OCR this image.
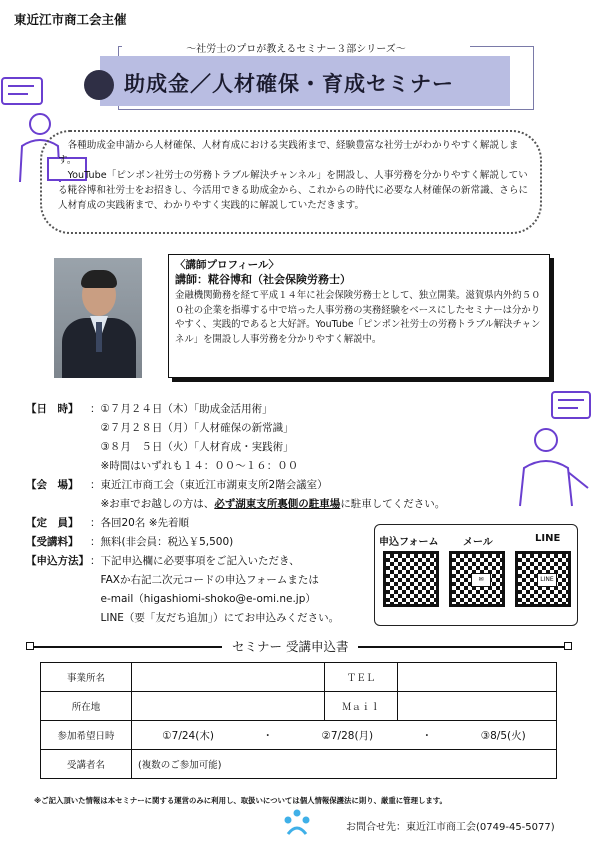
東近江市商工会主催
〜社労士のプロが教えるセミナー３部シリーズ〜
助成金／人材確保・育成セミナー
各種助成金申請から人材確保、人材育成における実践術まで、経験豊富な社労士がわかりやすく解説します。
YouTube「ピンポン社労士の労務トラブル解決チャンネル」を開設し、人事労務を分かりやすく解説している糀谷博和社労士をお招きし、今活用できる助成金から、これからの時代に必要な人材確保の新常識、さらに人材育成の実践術まで、わかりやすく実践的に解説していただきます。
〈講師プロフィール〉
講師：糀谷博和（社会保険労務士）
金融機関勤務を経て平成１４年に社会保険労務士として、独立開業。滋賀県内外約５００社の企業を指導する中で培った人事労務の実務経験をベースにしたセミナーは分かりやすく、実践的であると大好評。YouTube「ピンポン社労士の労務トラブル解決チャンネル」を開設し人事労務を分かりやすく解説中。
【日　時】	：①７月２４日（木）「助成金活用術」
　②７月２８日（月）「人材確保の新常識」
　③８月　５日（火）「人材育成・実践術」
　※時間はいずれも１４：００〜１６：００
【会　場】	：東近江市商工会（東近江市湖東支所2階会議室）
　※お車でお越しの方は、必ず湖東支所裏側の駐車場に駐車してください。
【定　員】	：各回20名 ※先着順
【受講料】	：無料(非会員：税込￥5,500)
【申込方法】 ：下記申込欄に必要事項をご記入いただき、
　FAXか右記二次元コードの申込フォームまたは
　e-mail（higashiomi-shoko@e-omi.ne.jp）
　LINE（要「友だち追加」）にてお申込みください。
申込フォーム メール	LINE
✉	LINE
セミナー 受講申込書
事業所名		ＴＥＬ	
所在地		Ｍａｉｌ	
参加希望日時	①7/24(木) ・ ②7/28(月) ・ ③8/5(火)		

受講者名	(複数のご参加可能)		
※ご記入頂いた情報は本セミナーに関する運営のみに利用し、取扱いについては個人情報保護法に則り、厳重に管理します。
お問合せ先：東近江市商工会(0749-45-5077)
